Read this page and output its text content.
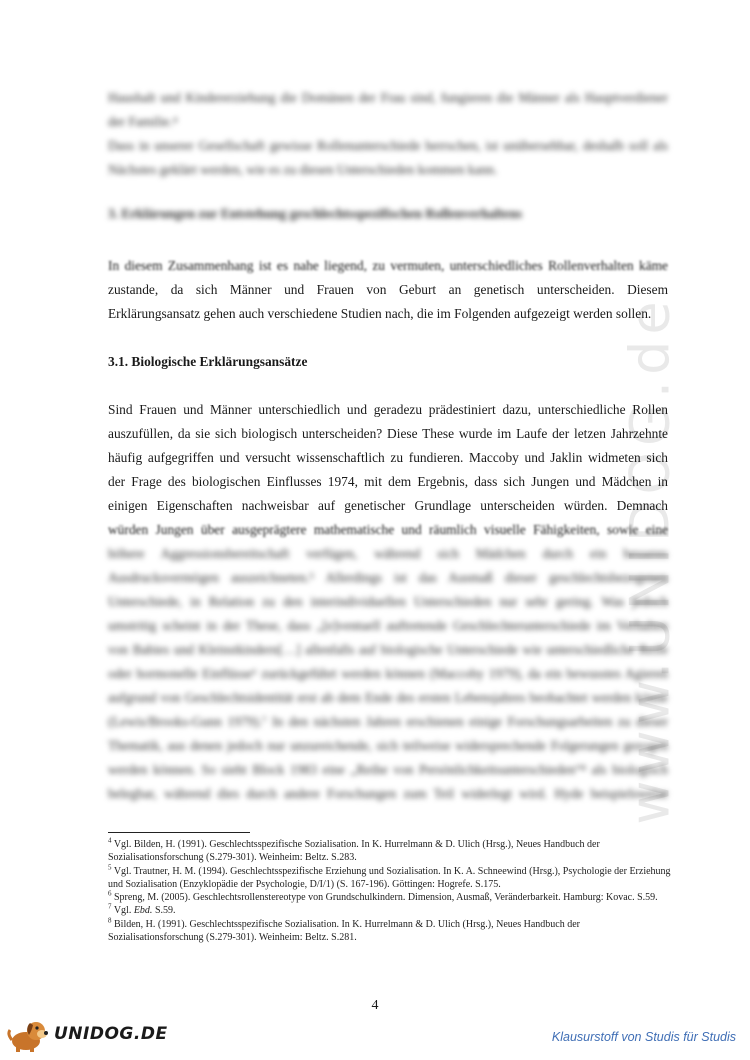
www.UNIDOG.de
Haushalt und Kindererziehung die Domänen der Frau sind, fungieren die Männer als Hauptverdiener
der Familie.⁴
Dass in unserer Gesellschaft gewisse Rollenunterschiede herrschen, ist unübersehbar, deshalb soll als
Nächstes geklärt werden, wie es zu diesen Unterschieden kommen kann.
3. Erklärungen zur Entstehung geschlechtsspezifischen Rollenverhaltens
In diesem Zusammenhang ist es nahe liegend, zu vermuten, unterschiedliches Rollenverhalten käme
zustande, da sich Männer und Frauen von Geburt an genetisch unterscheiden. Diesem
Erklärungsansatz gehen auch verschiedene Studien nach, die im Folgenden aufgezeigt werden sollen.
3.1. Biologische Erklärungsansätze
Sind Frauen und Männer unterschiedlich und geradezu prädestiniert dazu, unterschiedliche Rollen
auszufüllen, da sie sich biologisch unterscheiden? Diese These wurde im Laufe der letzen Jahrzehnte
häufig aufgegriffen und versucht wissenschaftlich zu fundieren. Maccoby und Jaklin widmeten sich
der Frage des biologischen Einflusses 1974, mit dem Ergebnis, dass sich Jungen und Mädchen in
einigen Eigenschaften nachweisbar auf genetischer Grundlage unterscheiden würden. Demnach
würden Jungen über ausgeprägtere mathematische und räumlich visuelle Fähigkeiten, sowie eine
höhere Aggressionsbereitschaft verfügen, während sich Mädchen durch ein besseres
Ausdrucksvermögen auszeichneten.⁵ Allerdings ist das Ausmaß dieser geschlechtsbezogenen
Unterschiede, in Relation zu den interindividuellen Unterschieden nur sehr gering. Was jedoch
umstritig scheint in der These, dass „[e]ventuell auftretende Geschlechterunterschiede im Verhalten
von Babies und Kleinstkindern[…] allenfalls auf biologische Unterschiede wie unterschiedliche Reife
oder hormonelle Einflüsse⁶ zurückgeführt werden können (Maccoby 1979), da ein bewusstes Agieren
aufgrund von Geschlechtsidentität erst ab dem Ende des ersten Lebensjahres beobachtet werden könne
(Lewis/Brooks-Gunn 1979).⁷ In den nächsten Jahren erschienen einige Forschungsarbeiten zu dieser
Thematik, aus denen jedoch nur unzureichende, sich teilweise widersprechende Folgerungen gezogen
werden können. So sieht Block 1983 eine „Reihe von Persönlichkeitsunterschieden“⁸ als biologisch
belegbar, während dies durch andere Forschungen zum Teil widerlegt wird. Hyde beispielsweise

$^4$ Vgl. Bilden, H. (1991). Geschlechtsspezifische Sozialisation. In K. Hurrelmann & D. Ulich (Hrsg.), Neues Handbuch der Sozialisationsforschung (S.279-301). Weinheim: Beltz. S.283.

$^5$ Vgl. Trautner, H. M. (1994). Geschlechtsspezifische Erziehung und Sozialisation. In K. A. Schneewind (Hrsg.), Psychologie der Erziehung und Sozialisation (Enzyklopädie der Psychologie, D/I/1) (S. 167-196). Göttingen: Hogrefe. S.175.

$^6$ Spreng, M. (2005). Geschlechtsrollenstereotype von Grundschulkindern. Dimension, Ausmaß, Veränderbarkeit. Hamburg: Kovac. S.59.

$^7$ Vgl. Ebd. S.59.

$^8$ Bilden, H. (1991). Geschlechtsspezifische Sozialisation. In K. Hurrelmann & D. Ulich (Hrsg.), Neues Handbuch der Sozialisationsforschung (S.279-301). Weinheim: Beltz. S.281.

4
UNIDOG.DE	Klausurstoff von Studis für Studis
